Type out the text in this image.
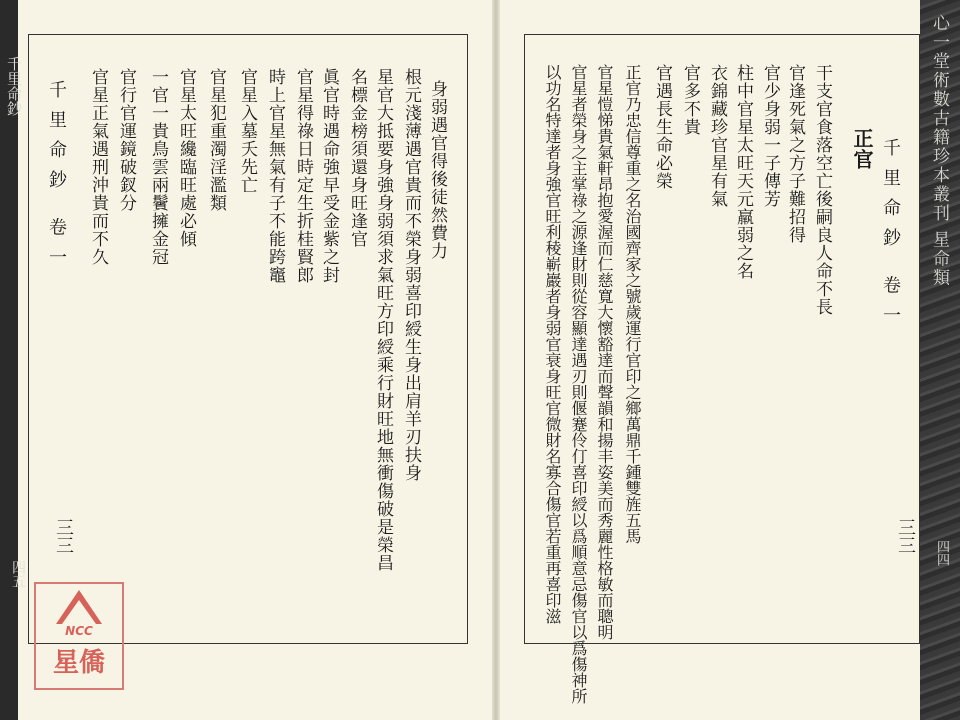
心一堂術數古籍珍本叢刊 星命類
千里命鈔
四五
三三
千里命鈔 卷一	身弱遇官得後徒然費力
根元淺薄遇官貴而不榮身弱喜印綬生身出肩羊刃扶身
星官大抵要身強身弱須求氣旺方印綬乘行財旺地無衝傷破是榮昌
名標金榜須還身旺逢官
眞官時遇命強早受金紫之封
官星得祿日時定生折桂賢郎
時上官星無氣有子不能跨竈
官星入墓夭先亡
官星犯重濁淫濫類
官星太旺纔臨旺處必傾
一官一貴鳥雲兩鬢擁金冠
官行官運鏡破釵分
官星正氣遇刑沖貴而不久
三三
千里命鈔 卷一
正官
四四
干支官食落空亡後嗣良人命不長
官逢死氣之方子難招得
官少身弱一子傳芳
柱中官星太旺天元羸弱之名
衣錦藏珍官星有氣
官多不貴
官遇長生命必榮
正官乃忠信尊重之名治國齊家之號歲運行官印之鄉萬鼎千鍾雙旌五馬
官星愷悌貴氣軒昂抱愛渥而仁慈寬大懷豁達而聲韻和揚丰姿美而秀麗性格敏而聰明
官星者榮身之主掌祿之源逢財則從容顯達遇刃則偃蹇伶仃喜印綬以爲順意忌傷官以爲傷神所
以功名特達者身強官旺利稜嶄巖者身弱官衰身旺官微財名寡合傷官若重再喜印滋
NCC
星僑
